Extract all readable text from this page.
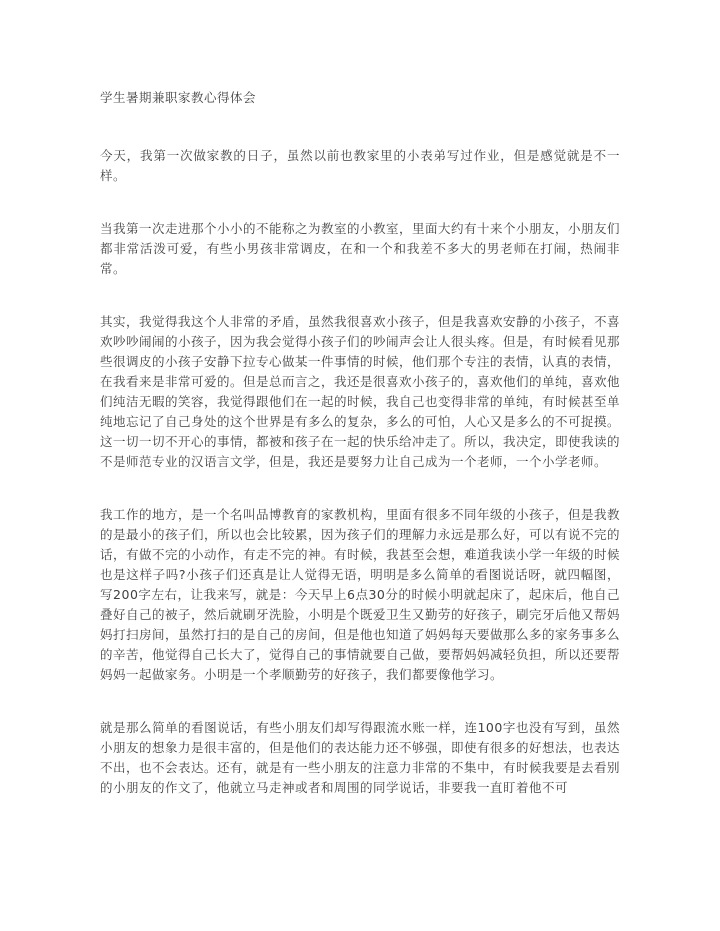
学生暑期兼职家教心得体会

今天，我第一次做家教的日子，虽然以前也教家里的小表弟写过作业，但是感觉就是不一样。

当我第一次走进那个小小的不能称之为教室的小教室，里面大约有十来个小朋友，小朋友们都非常活泼可爱，有些小男孩非常调皮，在和一个和我差不多大的男老师在打闹，热闹非常。

其实，我觉得我这个人非常的矛盾，虽然我很喜欢小孩子，但是我喜欢安静的小孩子，不喜欢吵吵闹闹的小孩子，因为我会觉得小孩子们的吵闹声会让人很头疼。但是，有时候看见那些很调皮的小孩子安静下拉专心做某一件事情的时候，他们那个专注的表情，认真的表情，在我看来是非常可爱的。但是总而言之，我还是很喜欢小孩子的，喜欢他们的单纯，喜欢他们纯洁无暇的笑容，我觉得跟他们在一起的时候，我自己也变得非常的单纯，有时候甚至单纯地忘记了自己身处的这个世界是有多么的复杂，多么的可怕，人心又是多么的不可捉摸。这一切一切不开心的事情，都被和孩子在一起的快乐给冲走了。所以，我决定，即使我读的不是师范专业的汉语言文学，但是，我还是要努力让自己成为一个老师，一个小学老师。

我工作的地方，是一个名叫品博教育的家教机构，里面有很多不同年级的小孩子，但是我教的是最小的孩子们，所以也会比较累，因为孩子们的理解力永远是那么好，可以有说不完的话，有做不完的小动作，有走不完的神。有时候，我甚至会想，难道我读小学一年级的时候也是这样子吗?小孩子们还真是让人觉得无语，明明是多么简单的看图说话呀，就四幅图，写200字左右，让我来写，就是：今天早上6点30分的时候小明就起床了，起床后，他自己叠好自己的被子，然后就刷牙洗脸，小明是个既爱卫生又勤劳的好孩子，刷完牙后他又帮妈妈打扫房间，虽然打扫的是自己的房间，但是他也知道了妈妈每天要做那么多的家务事多么的辛苦，他觉得自己长大了，觉得自己的事情就要自己做，要帮妈妈减轻负担，所以还要帮妈妈一起做家务。小明是一个孝顺勤劳的好孩子，我们都要像他学习。

就是那么简单的看图说话，有些小朋友们却写得跟流水账一样，连100字也没有写到，虽然小朋友的想象力是很丰富的，但是他们的表达能力还不够强，即使有很多的好想法，也表达不出，也不会表达。还有，就是有一些小朋友的注意力非常的不集中，有时候我要是去看别的小朋友的作文了，他就立马走神或者和周围的同学说话，非要我一直盯着他不可
